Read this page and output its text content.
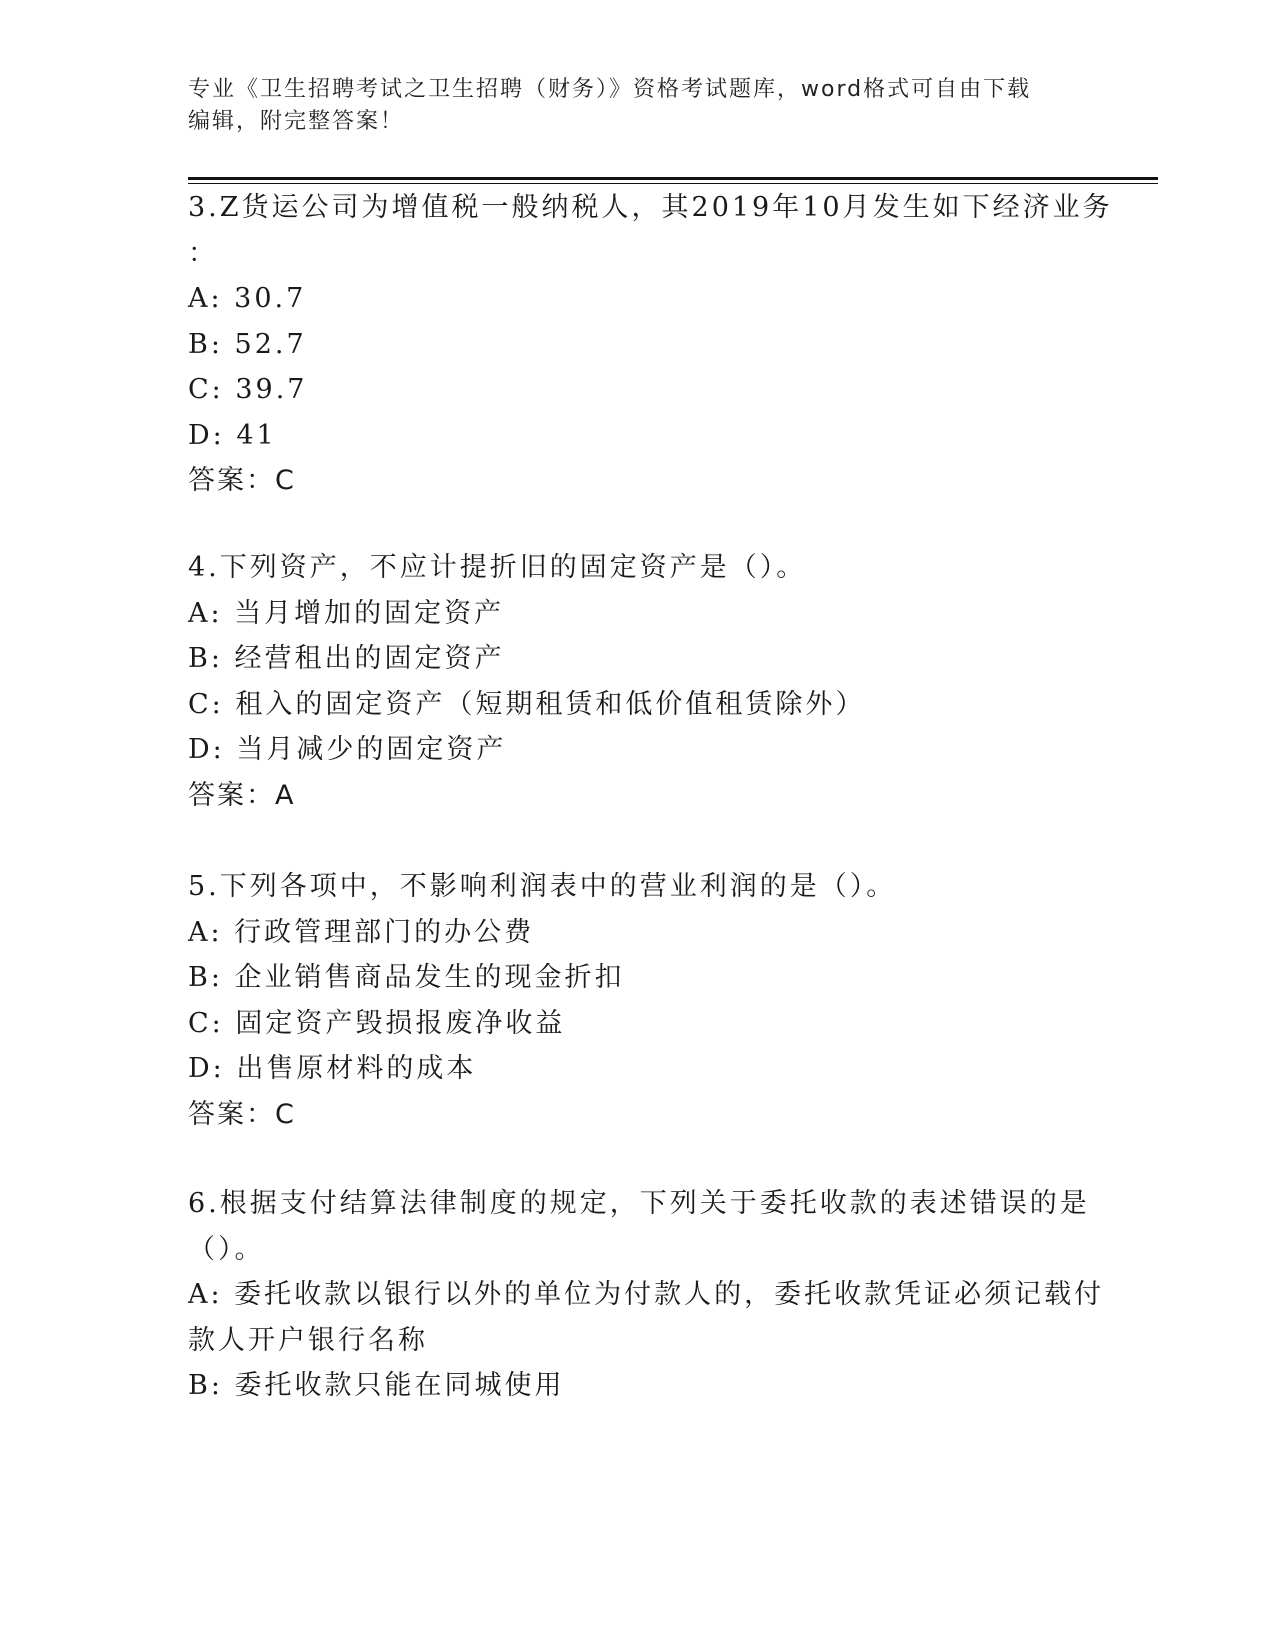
专业《卫生招聘考试之卫生招聘（财务）》资格考试题库，word格式可自由下载
编辑，附完整答案！
3.Z货运公司为增值税一般纳税人，其2019年10月发生如下经济业务
：
A: 30.7
B: 52.7
C: 39.7
D: 41
答案：C
4.下列资产，不应计提折旧的固定资产是（）。
A: 当月增加的固定资产
B: 经营租出的固定资产
C: 租入的固定资产（短期租赁和低价值租赁除外）
D: 当月减少的固定资产
答案：A
5.下列各项中，不影响利润表中的营业利润的是（）。
A: 行政管理部门的办公费
B: 企业销售商品发生的现金折扣
C: 固定资产毁损报废净收益
D: 出售原材料的成本
答案：C
6.根据支付结算法律制度的规定，下列关于委托收款的表述错误的是
（）。
A: 委托收款以银行以外的单位为付款人的，委托收款凭证必须记载付
款人开户银行名称
B: 委托收款只能在同城使用
